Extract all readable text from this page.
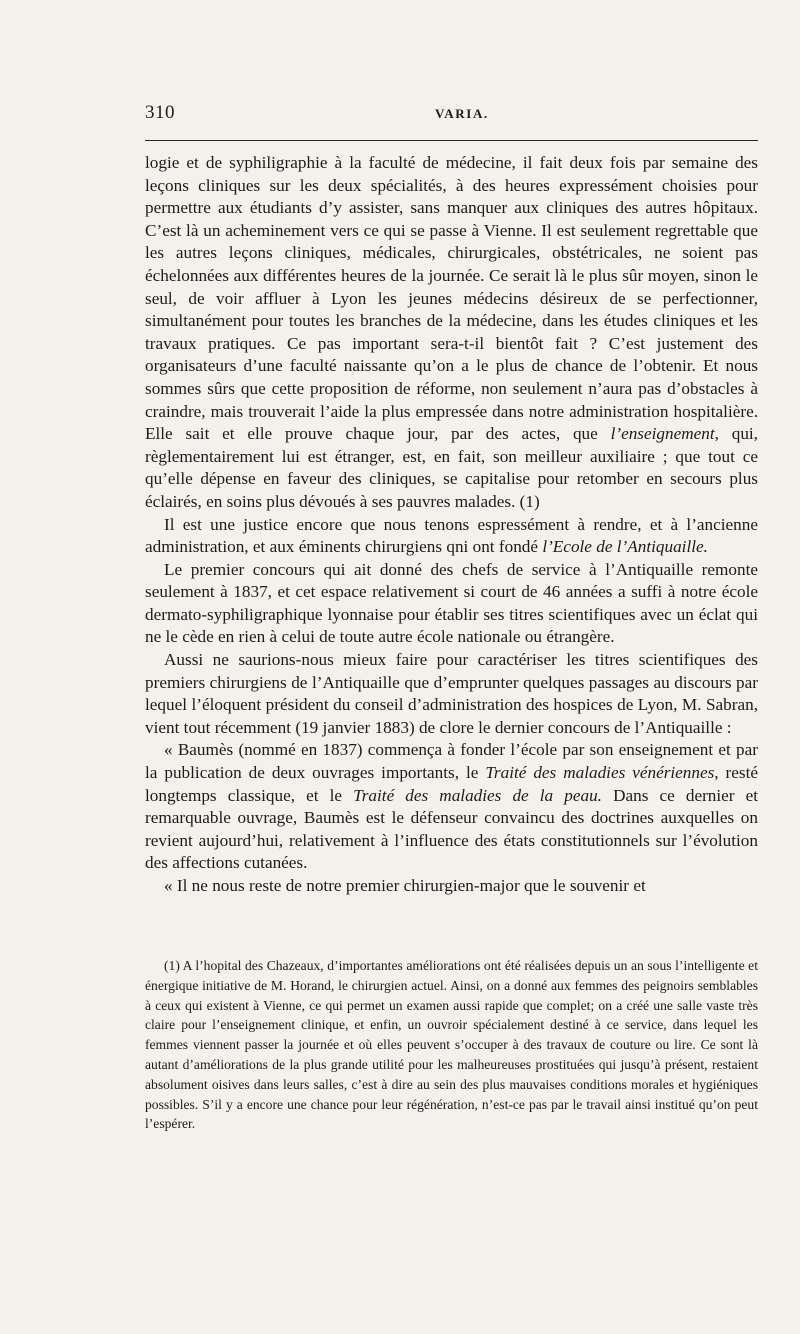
310	VARIA.

logie et de syphiligraphie à la faculté de médecine, il fait deux fois par semaine des leçons cliniques sur les deux spécialités, à des heures expressément choisies pour permettre aux étudiants d’y assister, sans manquer aux cliniques des autres hôpitaux. C’est là un acheminement vers ce qui se passe à Vienne. Il est seulement regrettable que les autres leçons cliniques, médicales, chirurgicales, obstétricales, ne soient pas échelonnées aux différentes heures de la journée. Ce serait là le plus sûr moyen, sinon le seul, de voir affluer à Lyon les jeunes médecins désireux de se perfectionner, simultanément pour toutes les branches de la médecine, dans les études cliniques et les travaux pratiques. Ce pas important sera-t-il bientôt fait ? C’est justement des organisateurs d’une faculté naissante qu’on a le plus de chance de l’obtenir. Et nous sommes sûrs que cette proposition de réforme, non seulement n’aura pas d’obstacles à craindre, mais trouverait l’aide la plus empressée dans notre administration hospitalière. Elle sait et elle prouve chaque jour, par des actes, que l’enseignement, qui, règlementairement lui est étranger, est, en fait, son meilleur auxiliaire ; que tout ce qu’elle dépense en faveur des cliniques, se capitalise pour retomber en secours plus éclairés, en soins plus dévoués à ses pauvres malades. (1)

Il est une justice encore que nous tenons espressément à rendre, et à l’ancienne administration, et aux éminents chirurgiens qni ont fondé l’Ecole de l’Antiquaille.

Le premier concours qui ait donné des chefs de service à l’Antiquaille remonte seulement à 1837, et cet espace relativement si court de 46 années a suffi à notre école dermato-syphiligraphique lyonnaise pour établir ses titres scientifiques avec un éclat qui ne le cède en rien à celui de toute autre école nationale ou étrangère.

Aussi ne saurions-nous mieux faire pour caractériser les titres scientifiques des premiers chirurgiens de l’Antiquaille que d’emprunter quelques passages au discours par lequel l’éloquent président du conseil d’administration des hospices de Lyon, M. Sabran, vient tout récemment (19 janvier 1883) de clore le dernier concours de l’Antiquaille :

« Baumès (nommé en 1837) commença à fonder l’école par son enseignement et par la publication de deux ouvrages importants, le Traité des maladies vénériennes, resté longtemps classique, et le Traité des maladies de la peau. Dans ce dernier et remarquable ouvrage, Baumès est le défenseur convaincu des doctrines auxquelles on revient aujourd’hui, relativement à l’influence des états constitutionnels sur l’évolution des affections cutanées.

« Il ne nous reste de notre premier chirurgien-major que le souvenir et

(1) A l’hopital des Chazeaux, d’importantes améliorations ont été réalisées depuis un an sous l’intelligente et énergique initiative de M. Horand, le chirurgien actuel. Ainsi, on a donné aux femmes des peignoirs semblables à ceux qui existent à Vienne, ce qui permet un examen aussi rapide que complet; on a créé une salle vaste très claire pour l’enseignement clinique, et enfin, un ouvroir spécialement destiné à ce service, dans lequel les femmes viennent passer la journée et où elles peuvent s’occuper à des travaux de couture ou lire. Ce sont là autant d’améliorations de la plus grande utilité pour les malheureuses prostituées qui jusqu’à présent, restaient absolument oisives dans leurs salles, c’est à dire au sein des plus mauvaises conditions morales et hygiéniques possibles. S’il y a encore une chance pour leur régénération, n’est-ce pas par le travail ainsi institué qu’on peut l’espérer.
